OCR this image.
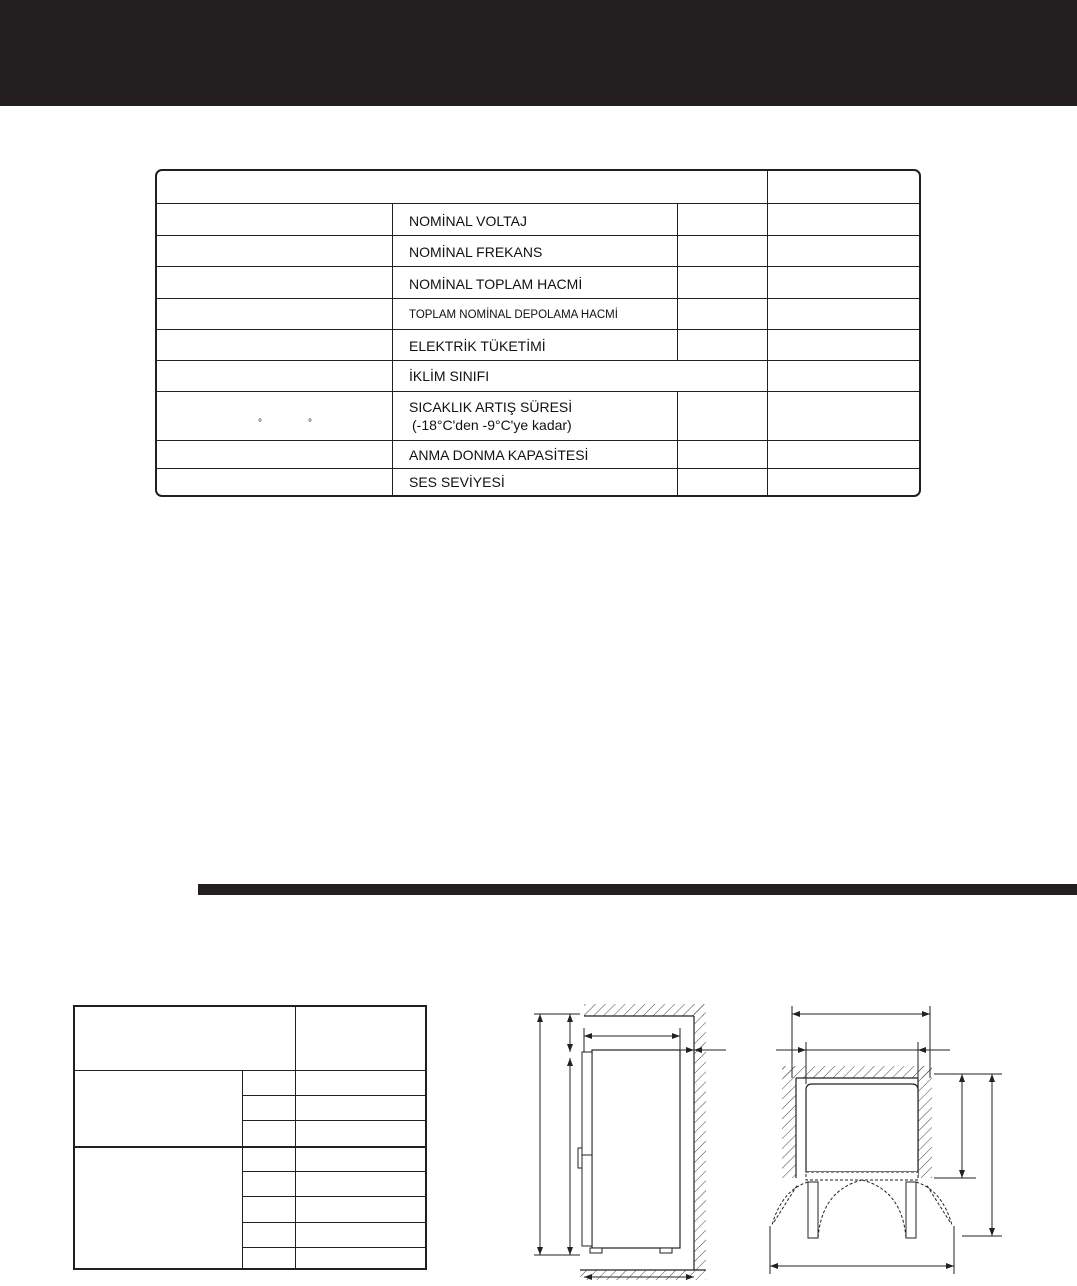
NOMİNAL VOLTAJ
NOMİNAL FREKANS
NOMİNAL TOPLAM HACMİ
TOPLAM NOMİNAL DEPOLAMA HACMİ
ELEKTRİK TÜKETİMİ
İKLİM SINIFI
SICAKLIK ARTIŞ SÜRESİ
(-18°C'den -9°C'ye kadar)
ANMA DONMA KAPASİTESİ
SES SEVİYESİ
°	°
